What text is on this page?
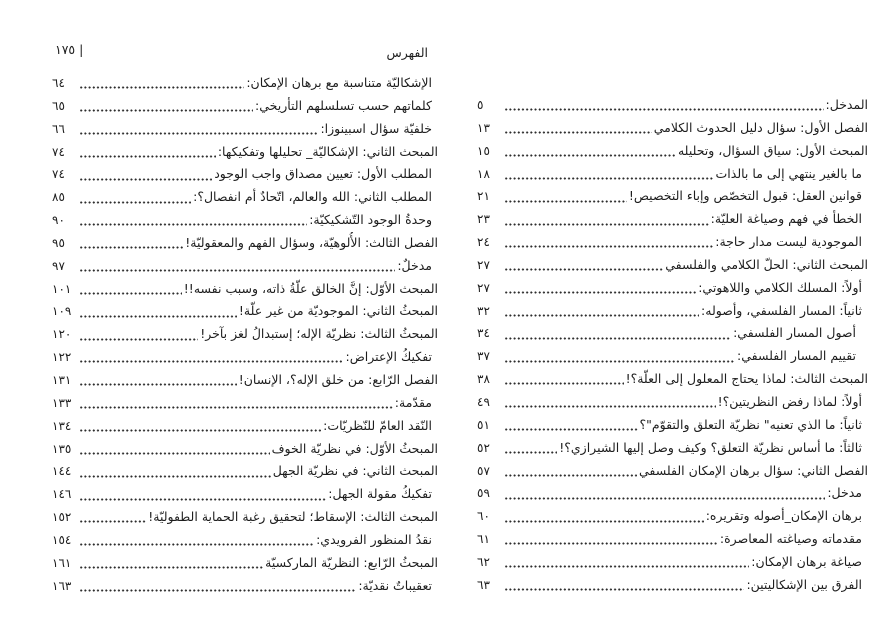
١٧٥ |	الفهرس
المدخل:
٥
الفصل الأول: سؤال دليل الحدوث الكلامي
١٣
المبحث الأول: سياق السؤال، وتحليله
١٥
ما بالغير ينتهي إلى ما بالذات
١٨
قوانين العقل: قبول التخصّص وإباء التخصيص!
٢١
الخطأ في فهم وصياغة العليّة:
٢٣
الموجودية ليست مدار حاجة:
٢٤
المبحث الثاني: الحلّ الكلامي والفلسفي
٢٧
أولاً: المسلك الكلامي واللاهوتي:
٢٧
ثانياً: المسار الفلسفي، وأصوله:
٣٢
أصول المسار الفلسفي:
٣٤
تقييم المسار الفلسفي:
٣٧
المبحث الثالث: لماذا يحتاج المعلول إلى العلّة؟!
٣٨
أولاً: لماذا رفض النظريتين؟!
٤٩
ثانياً: ما الذي تعنيه" نظريّة التعلق والتقوّم"؟
٥١
ثالثاً: ما أساس نظريّة التعلق؟ وكيف وصل إليها الشيرازي؟!
٥٢
الفصل الثاني: سؤال برهان الإمكان الفلسفي
٥٧
مدخل:
٥٩
برهان الإمكان_أصوله وتقريره:
٦٠
مقدماته وصياغته المعاصرة:
٦١
صياغة برهان الإمكان:
٦٢
الفرق بين الإشكاليتين:
٦٣
الإشكاليّة متناسبة مع برهان الإمكان:
٦٤
كلماتهم حسب تسلسلهم التأريخي:
٦٥
خلفيّة سؤال اسبينوزا:
٦٦
المبحث الثاني: الإشكاليّة_ تحليلها وتفكيكها:
٧٤
المطلب الأول: تعيين مصداق واجب الوجود
٧٤
المطلب الثاني: الله والعالم، اتّحادٌ أم انفصال؟:
٨٥
وحدةُ الوجود التّشكيكيّة:
٩٠
الفصل الثالث: الأُلوهيّة، وسؤال الفهم والمعقوليّة!
٩٥
مدخلٌ:
٩٧
المبحث الأوّل: إنَّ الخالق علّةُ ذاته، وسبب نفسه!!
١٠١
المبحثُ الثاني: الموجوديّة من غير علّة!
١٠٩
المبحثُ الثالث: نظريّة الإله؛ إستبدالُ لغز بآخر!
١٢٠
تفكيكُ الإعتراض:
١٢٢
الفصل الرّابع: من خلق الإله؟، الإنسان!
١٣١
مقدّمة:
١٣٣
النّقد العامّ للنّظريّات:
١٣٤
المبحثُ الأوّل: في نظريّة الخوف
١٣٥
المبحث الثاني: في نظريّة الجهل
١٤٤
تفكيكُ مقولة الجهل:
١٤٦
المبحث الثالث: الإسقاط؛ لتحقيق رغبة الحماية الطفوليّة!
١٥٢
نقدُ المنظور الفرويدي:
١٥٤
المبحثُ الرّابع: النظريّة الماركسيّة
١٦١
تعقيباتٌ نقديّة:
١٦٣
